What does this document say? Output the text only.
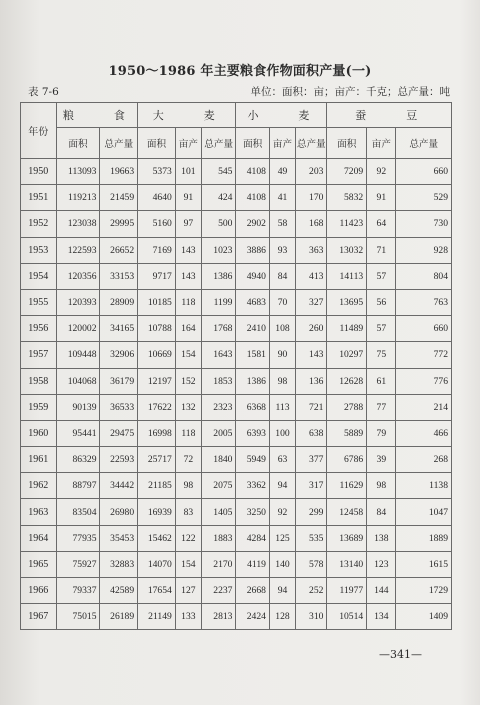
1950～1986 年主要粮食作物面积产量(一)
表 7-6	单位：面积：亩；亩产：千克；总产量：吨
年份	粮　　食		大　　麦			小　　麦			蚕　　豆		
	面积	总产量	面积	亩产	总产量	面积	亩产	总产量	面积	亩产	总产量
1950	113093	19663	5373	101	545	4108	49	203	7209	92	660
1951	119213	21459	4640	91	424	4108	41	170	5832	91	529
1952	123038	29995	5160	97	500	2902	58	168	11423	64	730
1953	122593	26652	7169	143	1023	3886	93	363	13032	71	928
1954	120356	33153	9717	143	1386	4940	84	413	14113	57	804
1955	120393	28909	10185	118	1199	4683	70	327	13695	56	763
1956	120002	34165	10788	164	1768	2410	108	260	11489	57	660
1957	109448	32906	10669	154	1643	1581	90	143	10297	75	772
1958	104068	36179	12197	152	1853	1386	98	136	12628	61	776
1959	90139	36533	17622	132	2323	6368	113	721	2788	77	214
1960	95441	29475	16998	118	2005	6393	100	638	5889	79	466
1961	86329	22593	25717	72	1840	5949	63	377	6786	39	268
1962	88797	34442	21185	98	2075	3362	94	317	11629	98	1138
1963	83504	26980	16939	83	1405	3250	92	299	12458	84	1047
1964	77935	35453	15462	122	1883	4284	125	535	13689	138	1889
1965	75927	32883	14070	154	2170	4119	140	578	13140	123	1615
1966	79337	42589	17654	127	2237	2668	94	252	11977	144	1729
1967	75015	26189	21149	133	2813	2424	128	310	10514	134	1409
—341—
